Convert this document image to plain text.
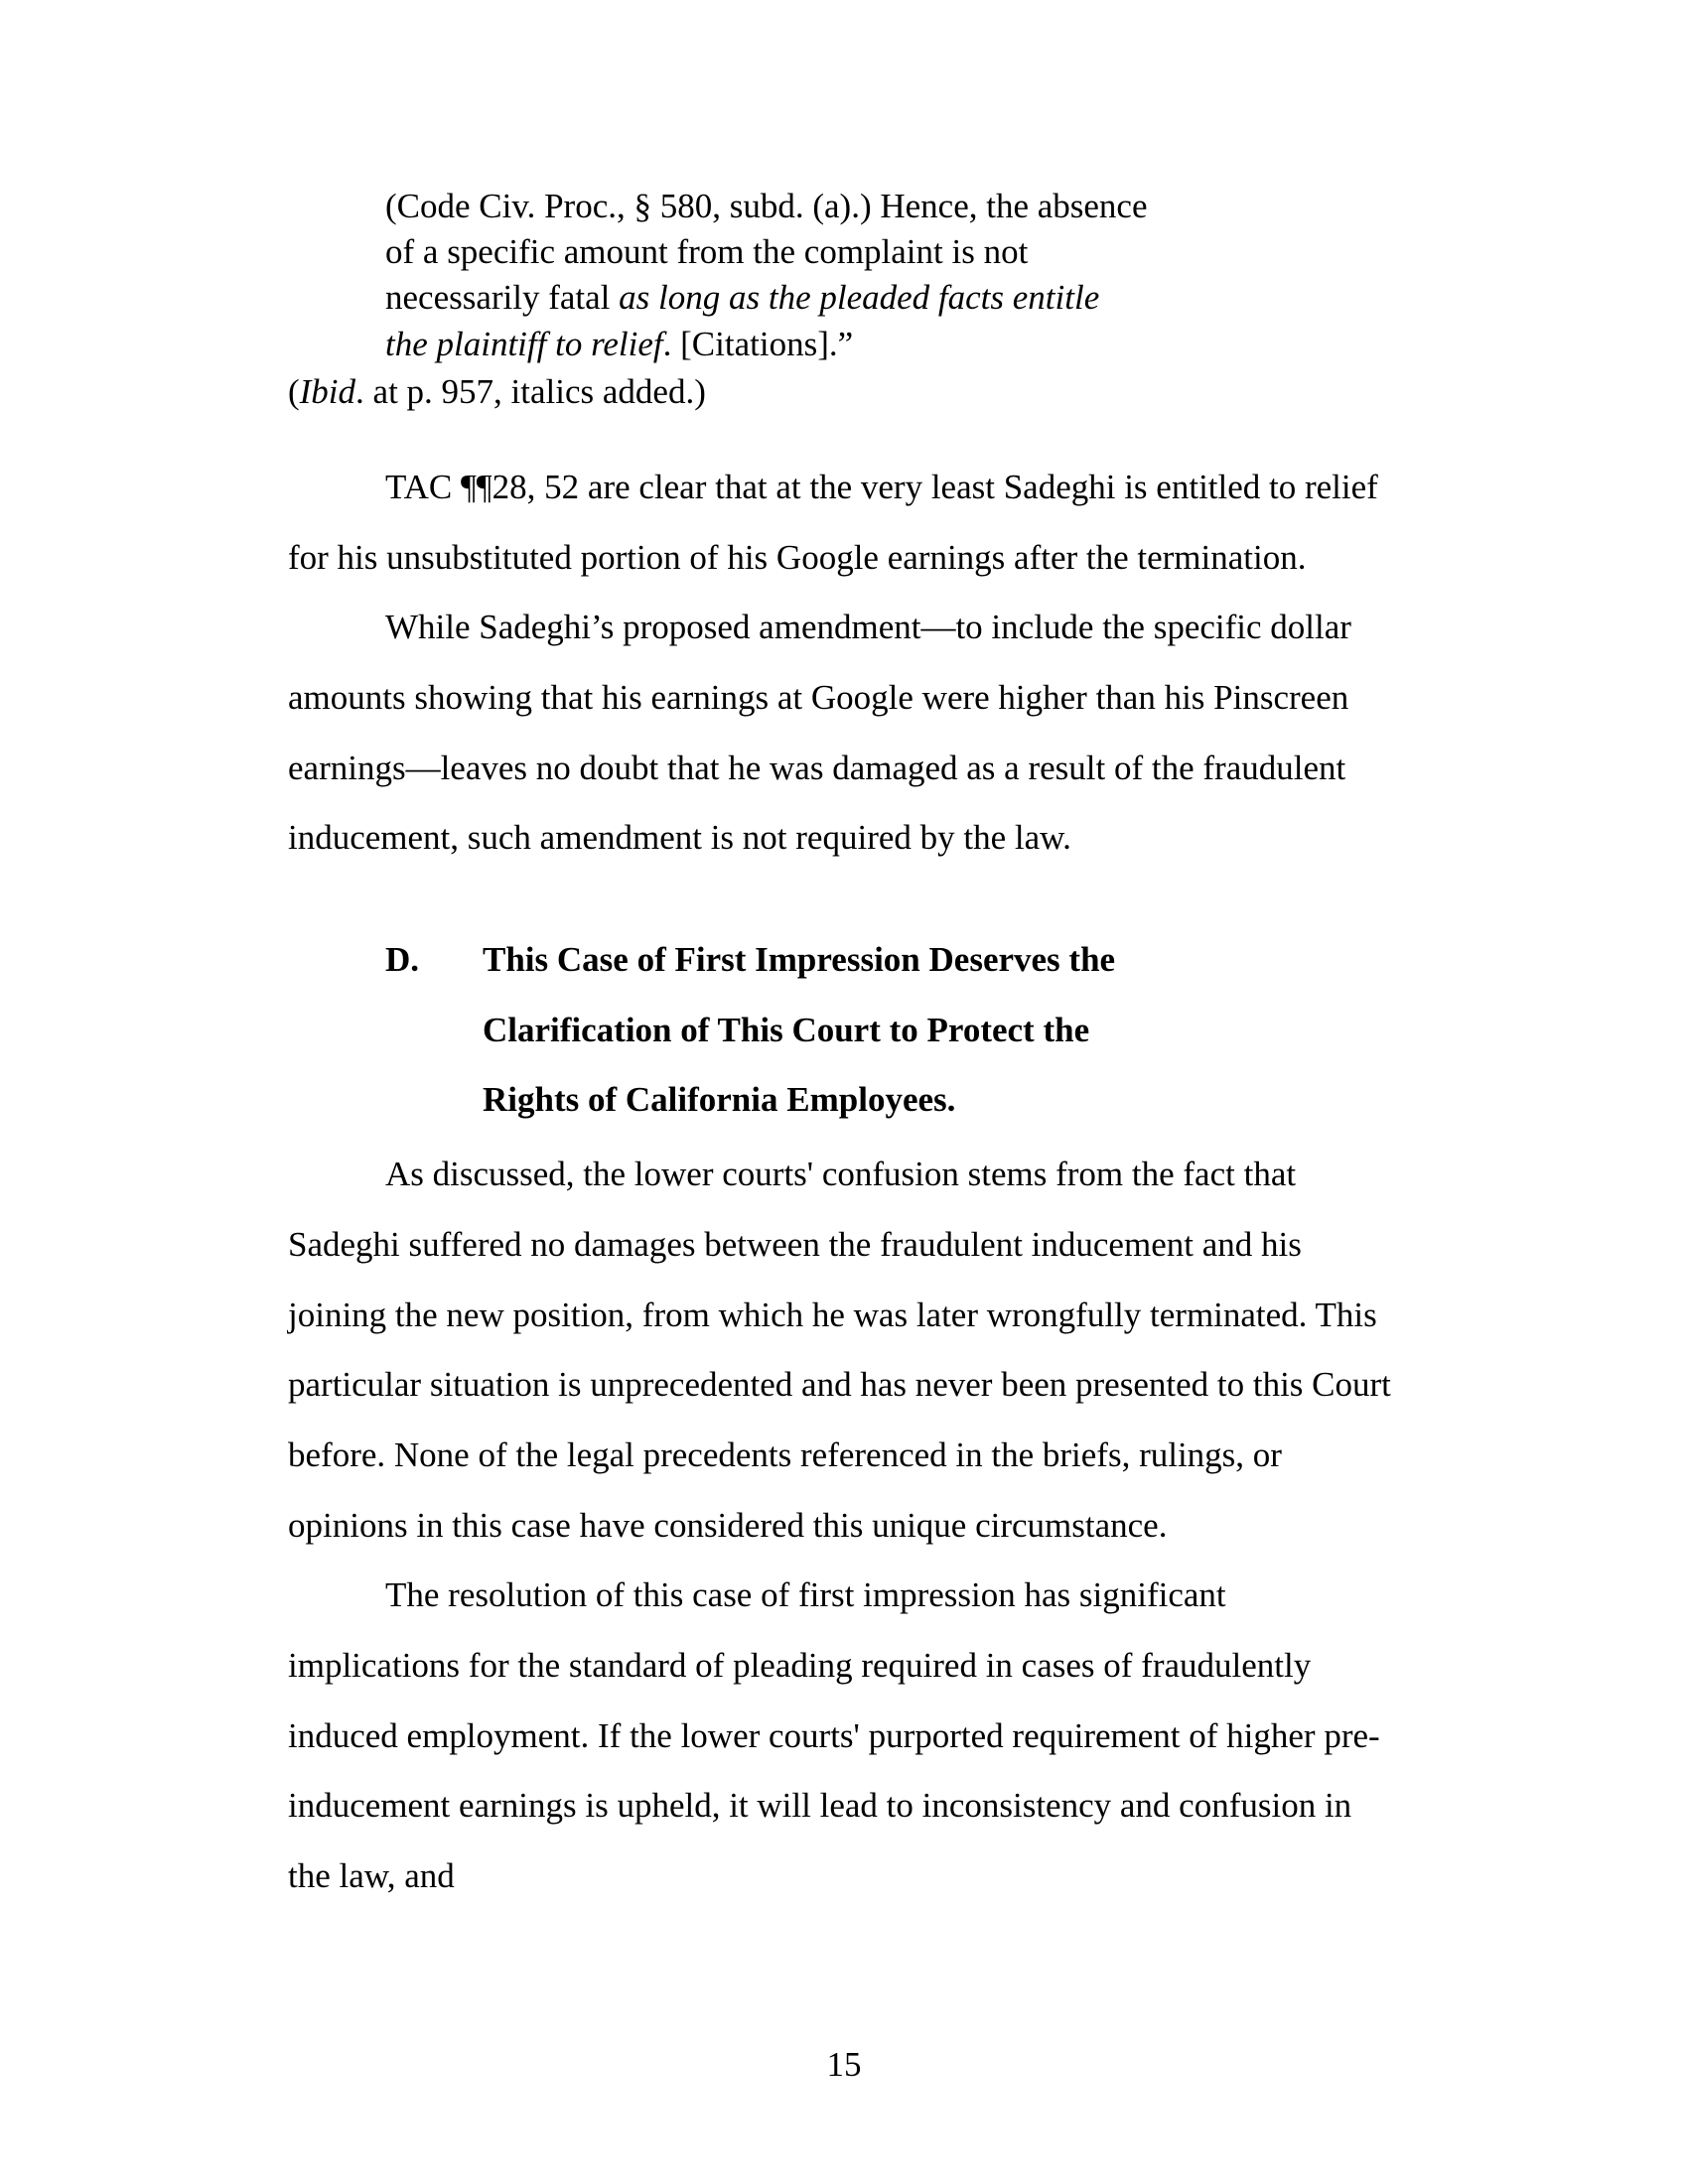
(Code Civ. Proc., § 580, subd. (a).) Hence, the absence
of a specific amount from the complaint is not
necessarily fatal as long as the pleaded facts entitle
the plaintiff to relief. [Citations].”
(Ibid. at p. 957, italics added.)

TAC ¶¶28, 52 are clear that at the very least Sadeghi is entitled to relief for his unsubstituted portion of his Google earnings after the termination.

While Sadeghi’s proposed amendment—to include the specific dollar amounts showing that his earnings at Google were higher than his Pinscreen earnings—leaves no doubt that he was damaged as a result of the fraudulent inducement, such amendment is not required by the law.

D.	This Case of First Impression Deserves the
Clarification of This Court to Protect the
Rights of California Employees.

As discussed, the lower courts' confusion stems from the fact that Sadeghi suffered no damages between the fraudulent inducement and his joining the new position, from which he was later wrongfully terminated. This particular situation is unprecedented and has never been presented to this Court before. None of the legal precedents referenced in the briefs, rulings, or opinions in this case have considered this unique circumstance.

The resolution of this case of first impression has significant implications for the standard of pleading required in cases of fraudulently induced employment. If the lower courts' purported requirement of higher pre-inducement earnings is upheld, it will lead to inconsistency and confusion in the law, and

15
